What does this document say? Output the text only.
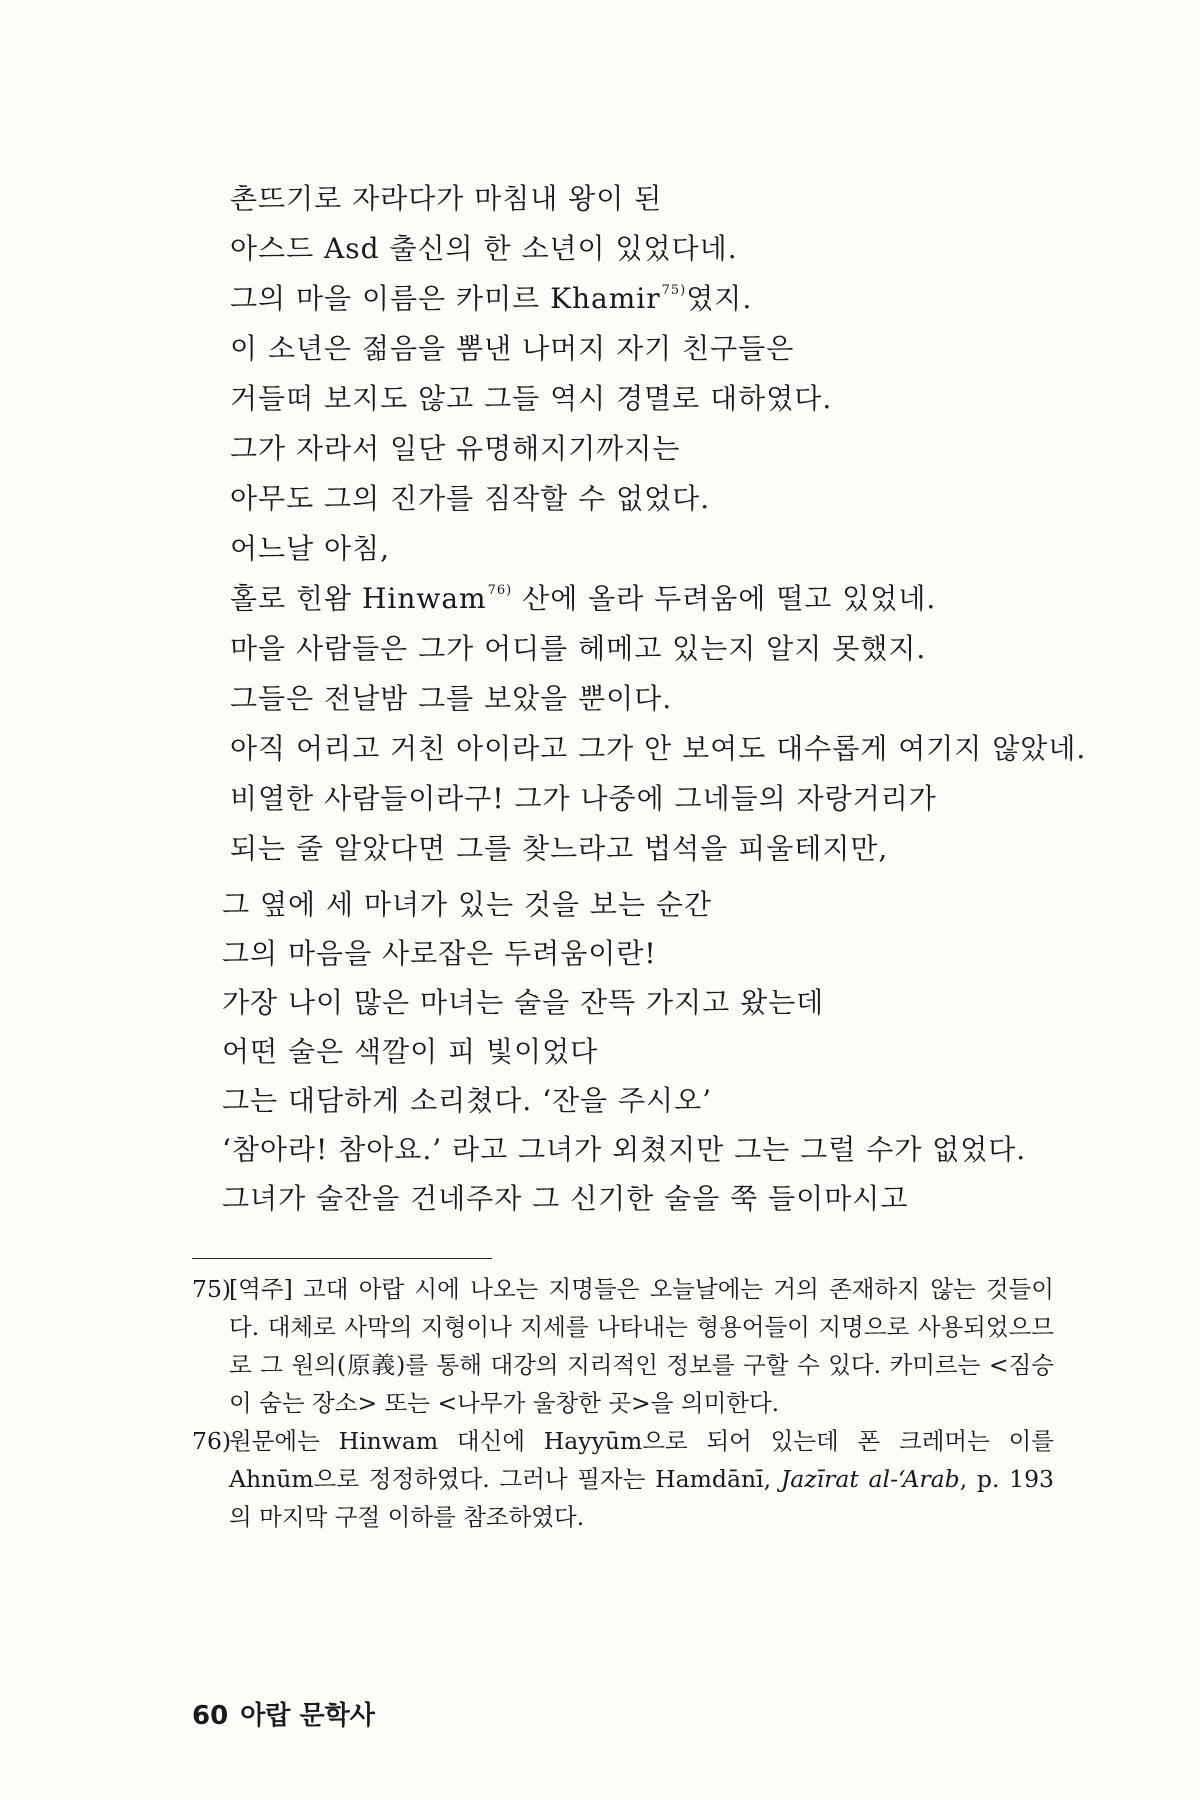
촌뜨기로 자라다가 마침내 왕이 된
아스드 Asd 출신의 한 소년이 있었다네.
그의 마을 이름은 카미르 Khamir$^{75)}$였지.
이 소년은 젊음을 뽐낸 나머지 자기 친구들은
거들떠 보지도 않고 그들 역시 경멸로 대하였다.
그가 자라서 일단 유명해지기까지는
아무도 그의 진가를 짐작할 수 없었다.
어느날 아침,
홀로 힌왐 Hinwam$^{76)}$ 산에 올라 두려움에 떨고 있었네.
마을 사람들은 그가 어디를 헤메고 있는지 알지 못했지.
그들은 전날밤 그를 보았을 뿐이다.
아직 어리고 거친 아이라고 그가 안 보여도 대수롭게 여기지 않았네.
비열한 사람들이라구! 그가 나중에 그네들의 자랑거리가
되는 줄 알았다면 그를 찾느라고 법석을 피울테지만,
그 옆에 세 마녀가 있는 것을 보는 순간
그의 마음을 사로잡은 두려움이란!
가장 나이 많은 마녀는 술을 잔뜩 가지고 왔는데
어떤 술은 색깔이 피 빛이었다
그는 대담하게 소리쳤다. ‘잔을 주시오’
‘참아라! 참아요.’ 라고 그녀가 외쳤지만 그는 그럴 수가 없었다.
그녀가 술잔을 건네주자 그 신기한 술을 쭉 들이마시고

75)
[역주] 고대 아랍 시에 나오는 지명들은 오늘날에는 거의 존재하지 않는 것들이다. 대체로 사막의 지형이나 지세를 나타내는 형용어들이 지명으로 사용되었으므로 그 원의(原義)를 통해 대강의 지리적인 정보를 구할 수 있다. 카미르는 <짐승이 숨는 장소> 또는 <나무가 울창한 곳>을 의미한다.

76)
원문에는 Hinwam 대신에 Hayyūm으로 되어 있는데 폰 크레머는 이를 Ahnūm으로 정정하였다. 그러나 필자는 Hamdānī, Jazīrat al-‘Arab, p. 193의 마지막 구절 이하를 참조하였다.

60 아랍 문학사
